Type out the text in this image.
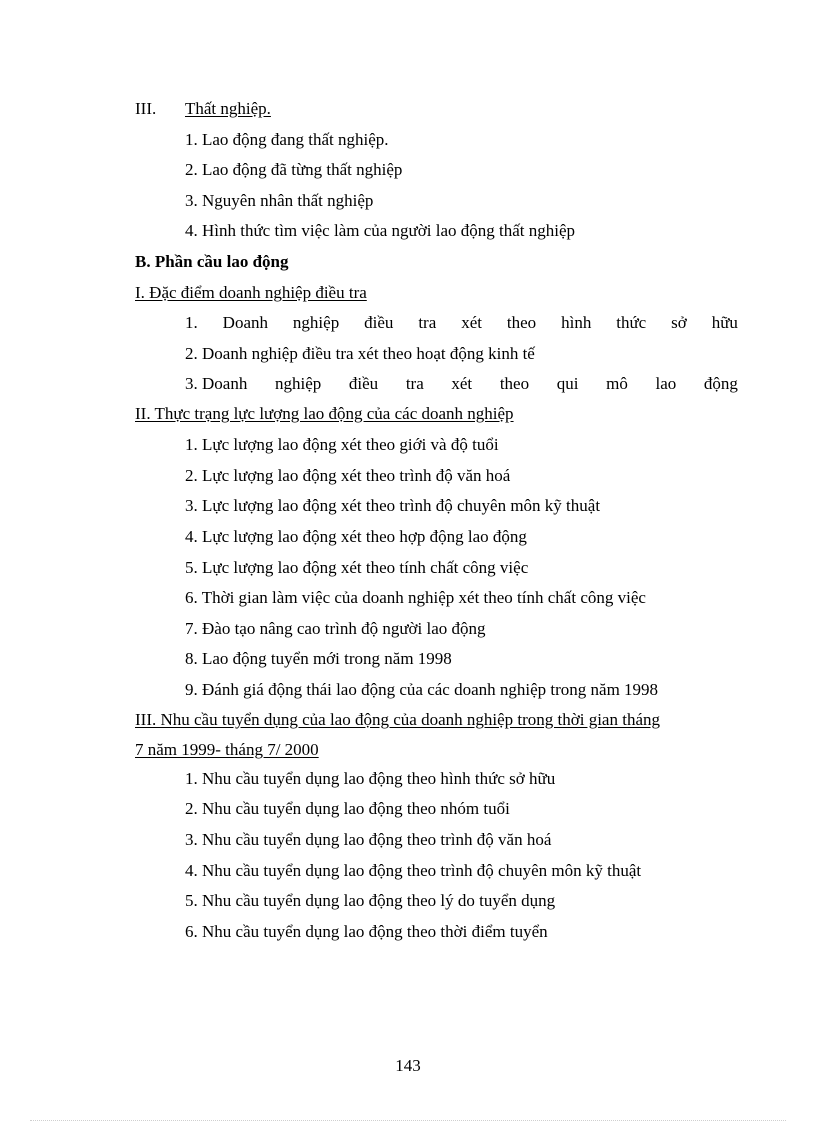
III. Thất nghiệp.
1. Lao động đang thất nghiệp.
2. Lao động đã từng thất nghiệp
3. Nguyên nhân thất nghiệp
4. Hình thức tìm việc làm của người lao động thất nghiệp
B. Phần cầu lao động
I. Đặc điểm doanh nghiệp điều tra
1. Doanh nghiệp điều tra xét theo hình thức sở hữu
2. Doanh nghiệp điều tra xét theo hoạt động kinh tế
3. Doanh nghiệp điều tra xét theo qui mô lao động
II. Thực trạng lực lượng lao động của các doanh nghiệp
1. Lực lượng lao động xét theo giới và độ tuổi
2. Lực lượng lao động xét theo trình độ văn hoá
3. Lực lượng lao động xét theo trình độ chuyên môn kỹ thuật
4. Lực lượng lao động xét theo hợp động lao động
5. Lực lượng lao động xét theo tính chất công việc
6. Thời gian làm việc của doanh nghiệp xét theo tính chất công việc
7. Đào tạo nâng cao trình độ người lao động
8. Lao động tuyển mới trong năm 1998
9. Đánh giá động thái lao động của các doanh nghiệp trong năm 1998
III. Nhu cầu tuyển dụng của lao động của doanh nghiệp trong thời gian tháng
7 năm 1999- tháng 7/ 2000
1. Nhu cầu tuyển dụng lao động theo hình thức sở hữu
2. Nhu cầu tuyển dụng lao động theo nhóm tuổi
3. Nhu cầu tuyển dụng lao động theo trình độ văn hoá
4. Nhu cầu tuyển dụng lao động theo trình độ chuyên môn kỹ thuật
5. Nhu cầu tuyển dụng lao động theo lý do tuyển dụng
6. Nhu cầu tuyển dụng lao động theo thời điểm tuyển
143
